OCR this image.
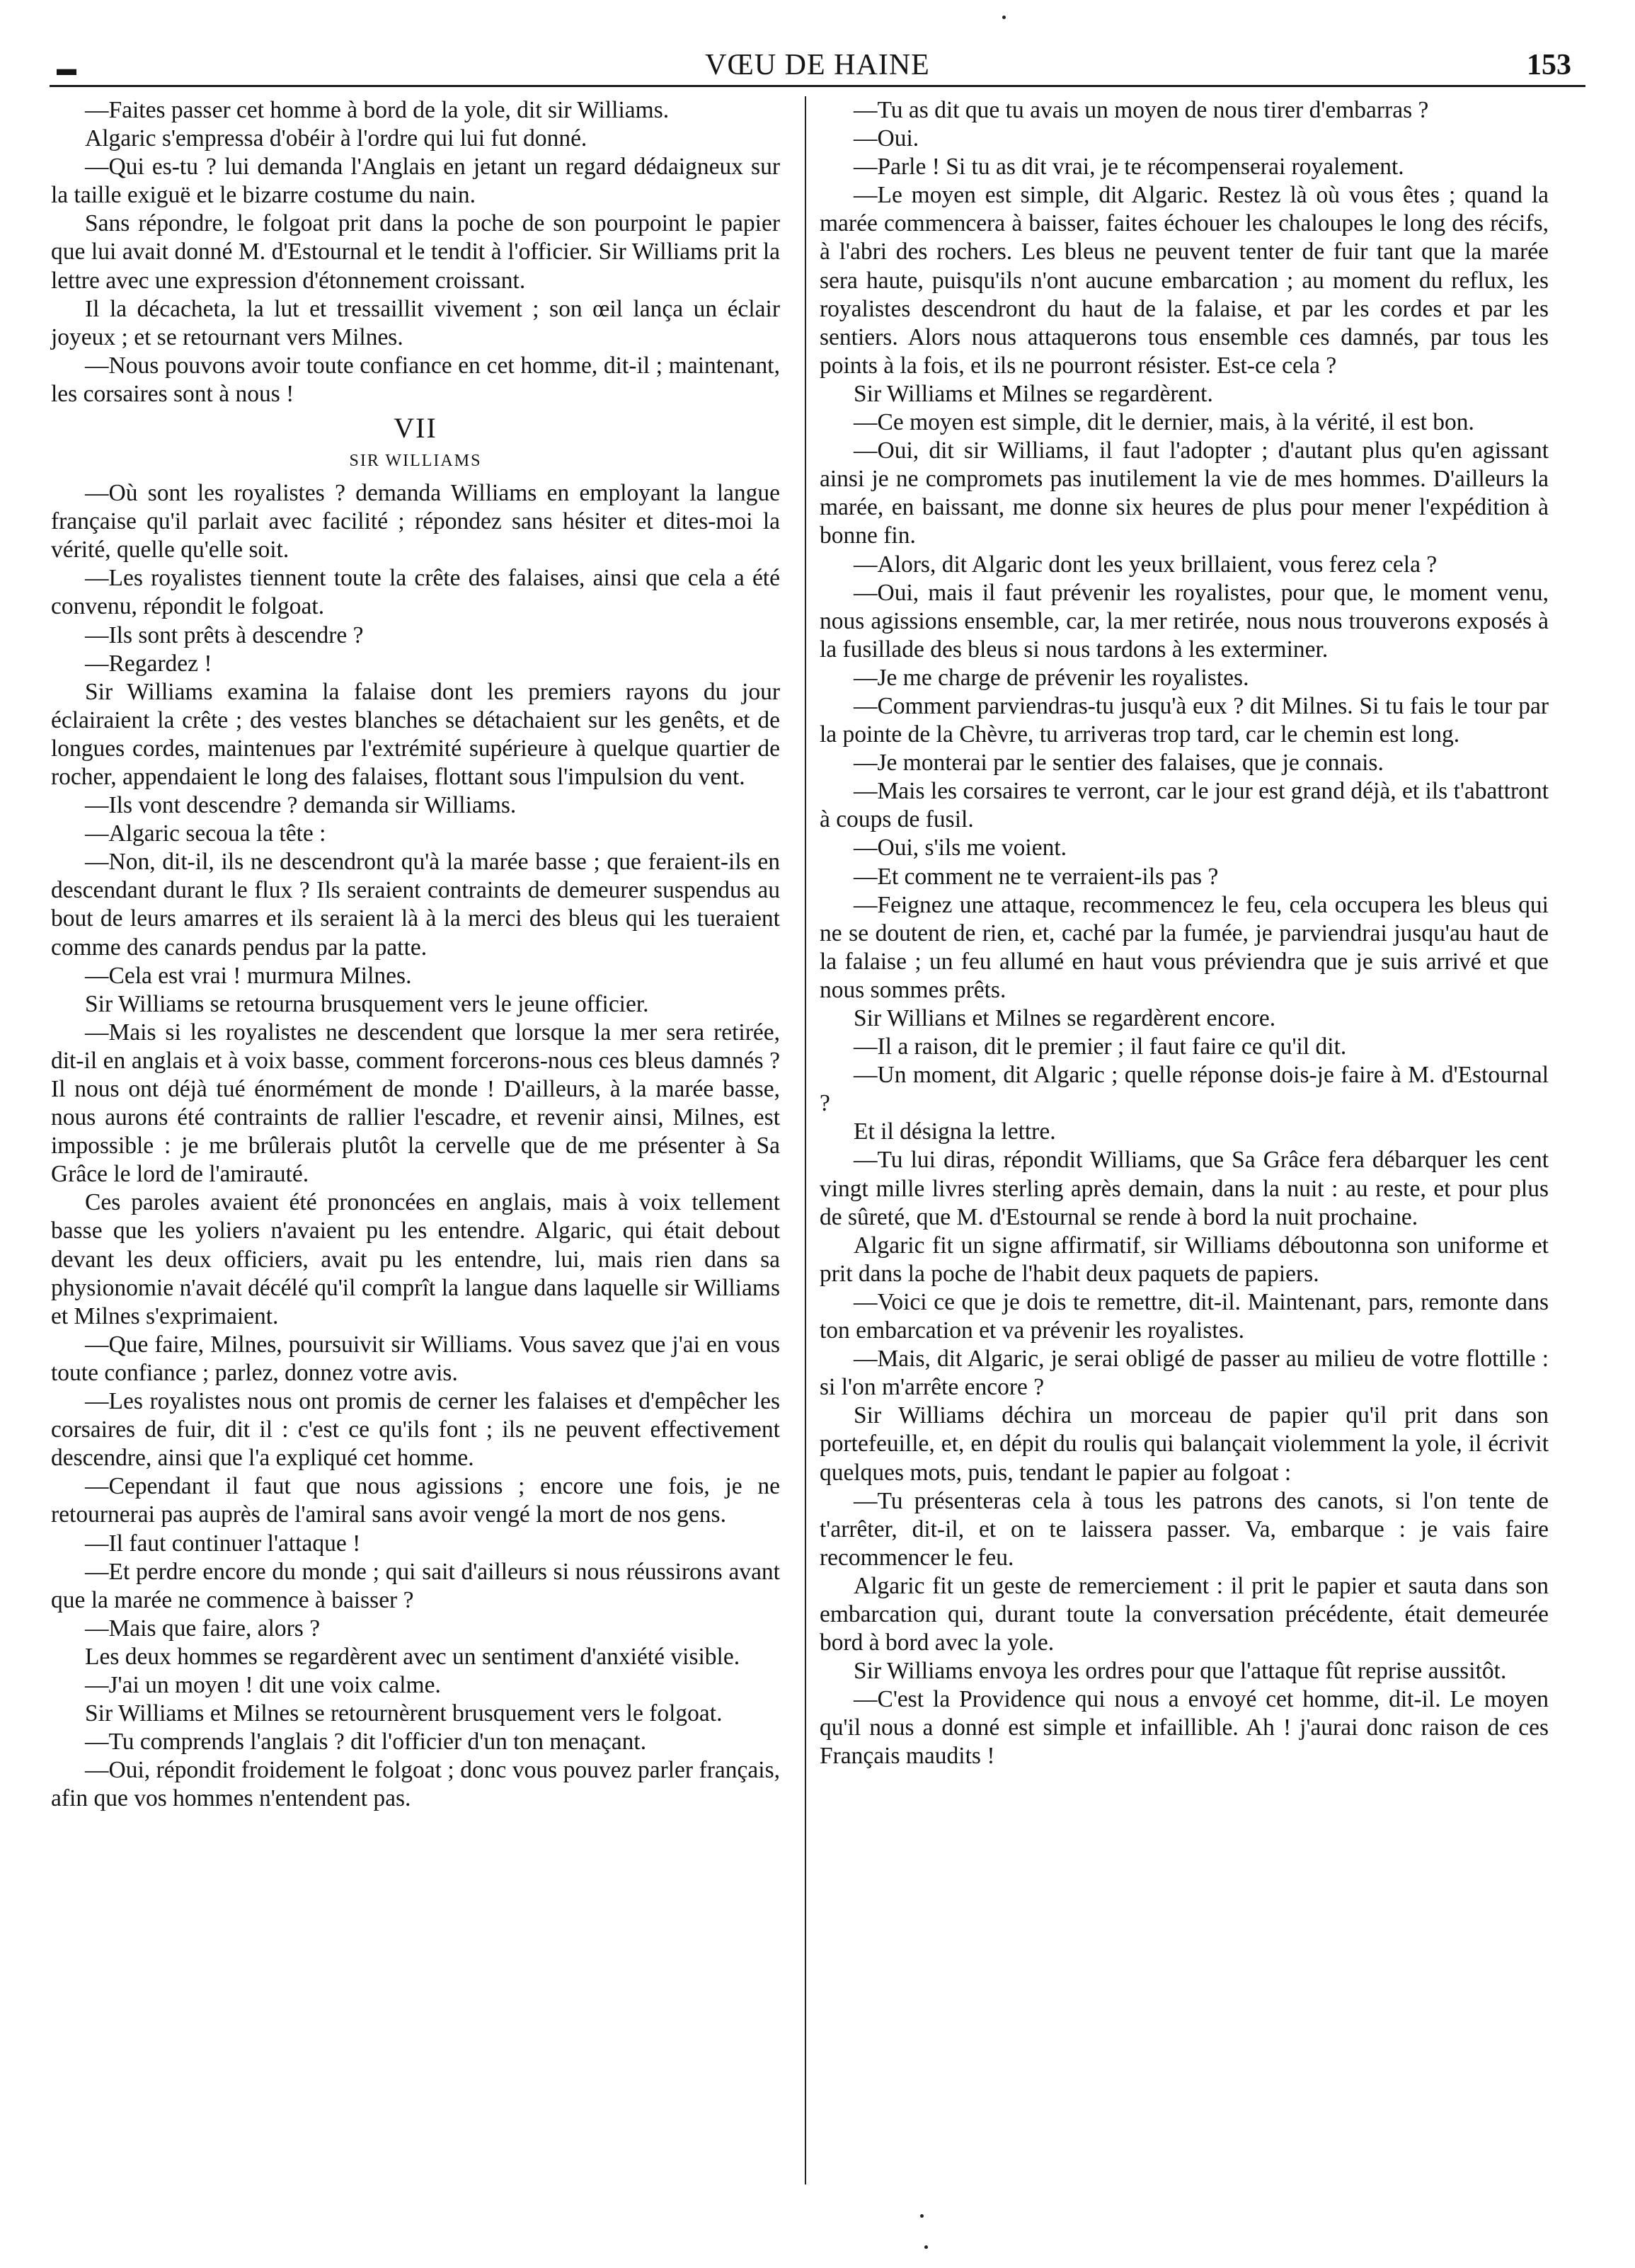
▬	VŒU DE HAINE	153

—Faites passer cet homme à bord de la yole, dit sir Williams.

Algaric s'empressa d'obéir à l'ordre qui lui fut donné.

—Qui es-tu ? lui demanda l'Anglais en jetant un regard dédaigneux sur la taille exiguë et le bizarre costume du nain.

Sans répondre, le folgoat prit dans la poche de son pourpoint le papier que lui avait donné M. d'Estournal et le tendit à l'officier. Sir Williams prit la lettre avec une expression d'étonnement croissant.

Il la décacheta, la lut et tressaillit vivement ; son œil lança un éclair joyeux ; et se retournant vers Milnes.

—Nous pouvons avoir toute confiance en cet homme, dit-il ; maintenant, les corsaires sont à nous !

VII
SIR WILLIAMS

—Où sont les royalistes ? demanda Williams en employant la langue française qu'il parlait avec facilité ; répondez sans hésiter et dites-moi la vérité, quelle qu'elle soit.

—Les royalistes tiennent toute la crête des falaises, ainsi que cela a été convenu, répondit le folgoat.

—Ils sont prêts à descendre ?

—Regardez !

Sir Williams examina la falaise dont les premiers rayons du jour éclairaient la crête ; des vestes blanches se détachaient sur les genêts, et de longues cordes, maintenues par l'extrémité supérieure à quelque quartier de rocher, appendaient le long des falaises, flottant sous l'impulsion du vent.

—Ils vont descendre ? demanda sir Williams.

—Algaric secoua la tête :

—Non, dit-il, ils ne descendront qu'à la marée basse ; que feraient-ils en descendant durant le flux ? Ils seraient contraints de demeurer suspendus au bout de leurs amarres et ils seraient là à la merci des bleus qui les tueraient comme des canards pendus par la patte.

—Cela est vrai ! murmura Milnes.

Sir Williams se retourna brusquement vers le jeune officier.

—Mais si les royalistes ne descendent que lorsque la mer sera retirée, dit-il en anglais et à voix basse, comment forcerons-nous ces bleus damnés ? Il nous ont déjà tué énormément de monde ! D'ailleurs, à la marée basse, nous aurons été contraints de rallier l'escadre, et revenir ainsi, Milnes, est impossible : je me brûlerais plutôt la cervelle que de me présenter à Sa Grâce le lord de l'amirauté.

Ces paroles avaient été prononcées en anglais, mais à voix tellement basse que les yoliers n'avaient pu les entendre. Algaric, qui était debout devant les deux officiers, avait pu les entendre, lui, mais rien dans sa physionomie n'avait décélé qu'il comprît la langue dans laquelle sir Williams et Milnes s'exprimaient.

—Que faire, Milnes, poursuivit sir Williams. Vous savez que j'ai en vous toute confiance ; parlez, donnez votre avis.

—Les royalistes nous ont promis de cerner les falaises et d'empêcher les corsaires de fuir, dit il : c'est ce qu'ils font ; ils ne peuvent effectivement descendre, ainsi que l'a expliqué cet homme.

—Cependant il faut que nous agissions ; encore une fois, je ne retournerai pas auprès de l'amiral sans avoir vengé la mort de nos gens.

—Il faut continuer l'attaque !

—Et perdre encore du monde ; qui sait d'ailleurs si nous réussirons avant que la marée ne commence à baisser ?

—Mais que faire, alors ?

Les deux hommes se regardèrent avec un sentiment d'anxiété visible.

—J'ai un moyen ! dit une voix calme.

Sir Williams et Milnes se retournèrent brusquement vers le folgoat.

—Tu comprends l'anglais ? dit l'officier d'un ton menaçant.

—Oui, répondit froidement le folgoat ; donc vous pouvez parler français, afin que vos hommes n'entendent pas.

—Tu as dit que tu avais un moyen de nous tirer d'embarras ?

—Oui.

—Parle ! Si tu as dit vrai, je te récompenserai royalement.

—Le moyen est simple, dit Algaric. Restez là où vous êtes ; quand la marée commencera à baisser, faites échouer les chaloupes le long des récifs, à l'abri des rochers. Les bleus ne peuvent tenter de fuir tant que la marée sera haute, puisqu'ils n'ont aucune embarcation ; au moment du reflux, les royalistes descendront du haut de la falaise, et par les cordes et par les sentiers. Alors nous attaquerons tous ensemble ces damnés, par tous les points à la fois, et ils ne pourront résister. Est-ce cela ?

Sir Williams et Milnes se regardèrent.

—Ce moyen est simple, dit le dernier, mais, à la vérité, il est bon.

—Oui, dit sir Williams, il faut l'adopter ; d'autant plus qu'en agissant ainsi je ne compromets pas inutilement la vie de mes hommes. D'ailleurs la marée, en baissant, me donne six heures de plus pour mener l'expédition à bonne fin.

—Alors, dit Algaric dont les yeux brillaient, vous ferez cela ?

—Oui, mais il faut prévenir les royalistes, pour que, le moment venu, nous agissions ensemble, car, la mer retirée, nous nous trouverons exposés à la fusillade des bleus si nous tardons à les exterminer.

—Je me charge de prévenir les royalistes.

—Comment parviendras-tu jusqu'à eux ? dit Milnes. Si tu fais le tour par la pointe de la Chèvre, tu arriveras trop tard, car le chemin est long.

—Je monterai par le sentier des falaises, que je connais.

—Mais les corsaires te verront, car le jour est grand déjà, et ils t'abattront à coups de fusil.

—Oui, s'ils me voient.

—Et comment ne te verraient-ils pas ?

—Feignez une attaque, recommencez le feu, cela occupera les bleus qui ne se doutent de rien, et, caché par la fumée, je parviendrai jusqu'au haut de la falaise ; un feu allumé en haut vous préviendra que je suis arrivé et que nous sommes prêts.

Sir Willians et Milnes se regardèrent encore.

—Il a raison, dit le premier ; il faut faire ce qu'il dit.

—Un moment, dit Algaric ; quelle réponse dois-je faire à M. d'Estournal ?

Et il désigna la lettre.

—Tu lui diras, répondit Williams, que Sa Grâce fera débarquer les cent vingt mille livres sterling après demain, dans la nuit : au reste, et pour plus de sûreté, que M. d'Estournal se rende à bord la nuit prochaine.

Algaric fit un signe affirmatif, sir Williams déboutonna son uniforme et prit dans la poche de l'habit deux paquets de papiers.

—Voici ce que je dois te remettre, dit-il. Maintenant, pars, remonte dans ton embarcation et va prévenir les royalistes.

—Mais, dit Algaric, je serai obligé de passer au milieu de votre flottille : si l'on m'arrête encore ?

Sir Williams déchira un morceau de papier qu'il prit dans son portefeuille, et, en dépit du roulis qui balançait violemment la yole, il écrivit quelques mots, puis, tendant le papier au folgoat :

—Tu présenteras cela à tous les patrons des canots, si l'on tente de t'arrêter, dit-il, et on te laissera passer. Va, embarque : je vais faire recommencer le feu.

Algaric fit un geste de remerciement : il prit le papier et sauta dans son embarcation qui, durant toute la conversation précédente, était demeurée bord à bord avec la yole.

Sir Williams envoya les ordres pour que l'attaque fût reprise aussitôt.

—C'est la Providence qui nous a envoyé cet homme, dit-il. Le moyen qu'il nous a donné est simple et infaillible. Ah ! j'aurai donc raison de ces Français maudits !
